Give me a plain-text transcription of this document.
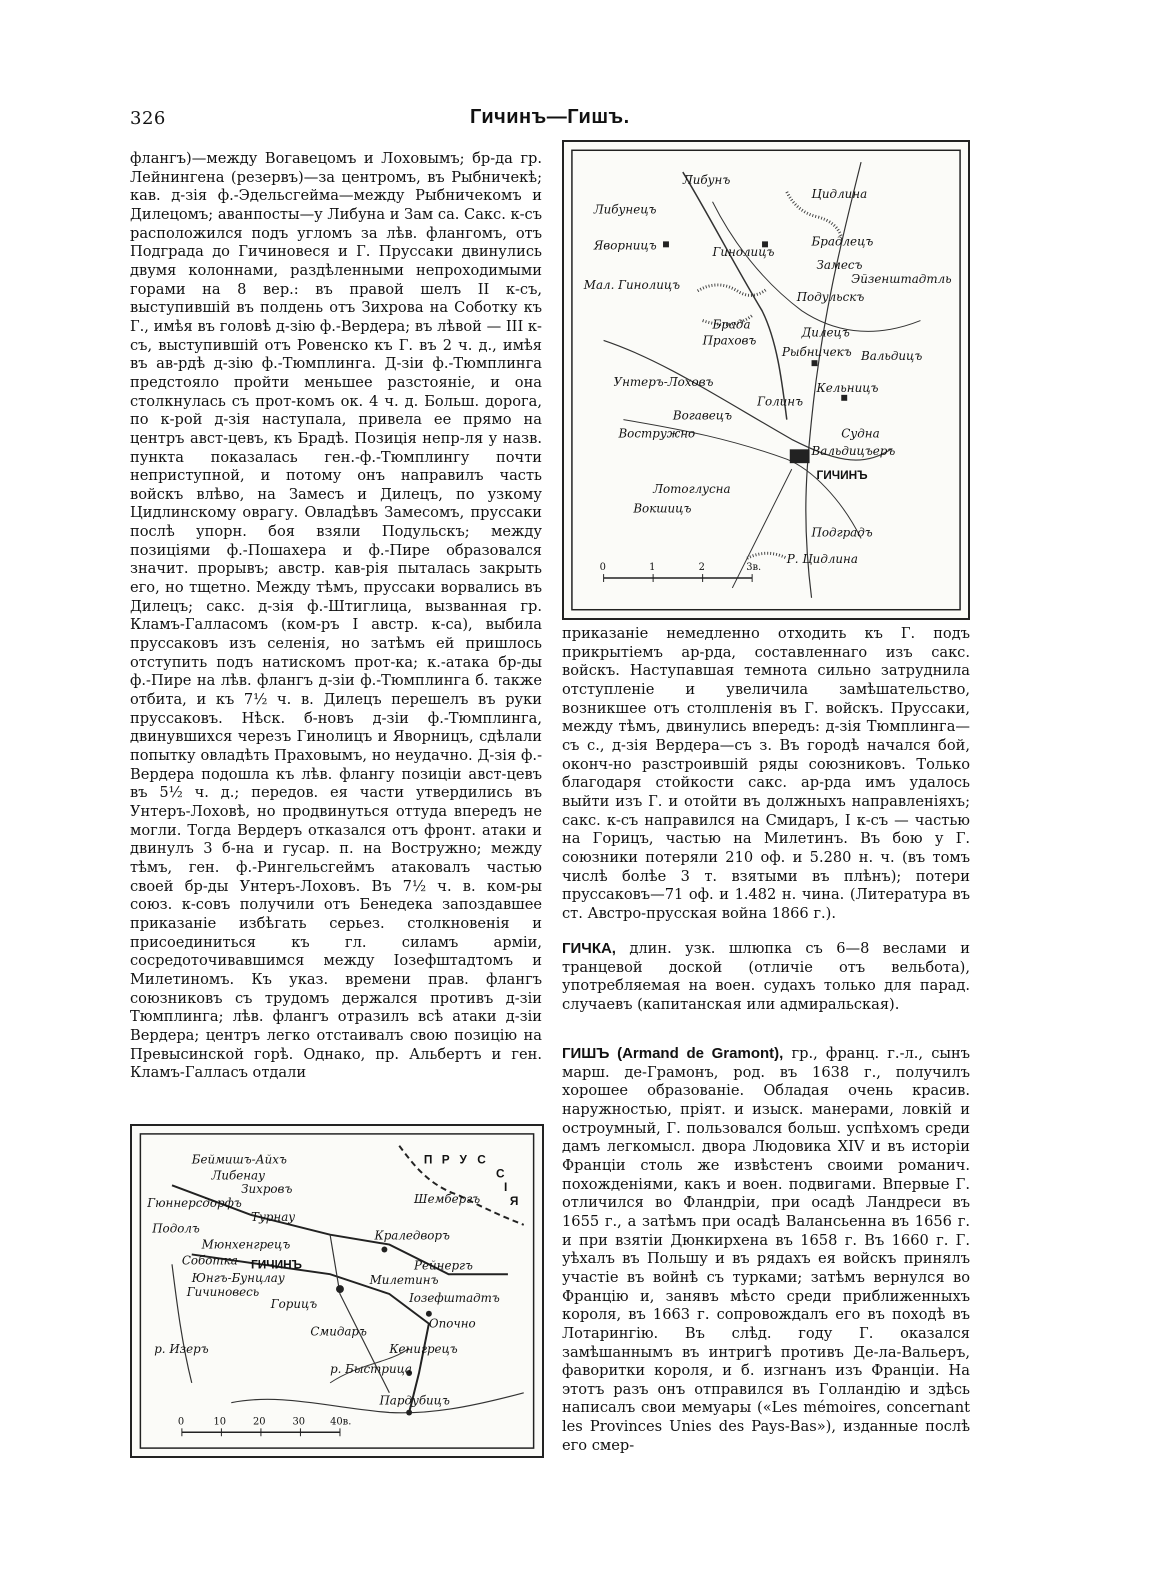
326	Гичинъ—Гишъ.

флангъ)—между Вогавецомъ и Лоховымъ; бр-да гр. Лейнингена (резервъ)—за центромъ, въ Рыбничекѣ; кав. д-зія ф.-Эдельсгейма—между Рыбничекомъ и Дилецомъ; аванпосты—у Либуна и Зам са. Сакс. к-съ расположился подъ угломъ за лѣв. флангомъ, отъ Подграда до Гичиновеся и Г. Пруссаки двинулись двумя колоннами, раздѣленными непроходимыми горами на 8 вер.: въ правой шелъ II к-съ, выступившій въ полдень отъ Зихрова на Соботку къ Г., имѣя въ головѣ д-зію ф.-Вердера; въ лѣвой — III к-съ, выступившій отъ Ровенско къ Г. въ 2 ч. д., имѣя въ ав-рдѣ д-зію ф.-Тюмплинга. Д-зіи ф.-Тюмплинга предстояло пройти меньшее разстояніе, и она столкнулась съ прот-комъ ок. 4 ч. д. Больш. дорога, по к-рой д-зія наступала, привела ее прямо на центръ авст-цевъ, къ Брадѣ. Позиція непр-ля у назв. пункта показалась ген.-ф.-Тюмплингу почти неприступной, и потому онъ направилъ часть войскъ влѣво, на Замесъ и Дилецъ, по узкому Цидлинскому оврагу. Овладѣвъ Замесомъ, пруссаки послѣ упорн. боя взяли Подульскъ; между позиціями ф.-Пошахера и ф.-Пире образовался значит. прорывъ; австр. кав-рія пыталась закрыть его, но тщетно. Между тѣмъ, пруссаки ворвались въ Дилецъ; сакс. д-зія ф.-Штиглица, вызванная гр. Кламъ-Галласомъ (ком-ръ I австр. к-са), выбила пруссаковъ изъ селенія, но затѣмъ ей пришлось отступить подъ натискомъ прот-ка; к.-атака бр-ды ф.-Пире на лѣв. флангъ д-зіи ф.-Тюмплинга б. также отбита, и къ 7½ ч. в. Дилецъ перешелъ въ руки пруссаковъ. Нѣск. б-новъ д-зіи ф.-Тюмплинга, двинувшихся черезъ Гинолицъ и Яворницъ, сдѣлали попытку овладѣть Праховымъ, но неудачно. Д-зія ф.-Вердера подошла къ лѣв. флангу позиціи авст-цевъ въ 5½ ч. д.; передов. ея части утвердились въ Унтеръ-Лоховѣ, но продвинуться оттуда впередъ не могли. Тогда Вердеръ отказался отъ фронт. атаки и двинулъ 3 б-на и гусар. п. на Востружно; между тѣмъ, ген. ф.-Рингельсгеймъ атаковалъ частью своей бр-ды Унтеръ-Лоховъ. Въ 7½ ч. в. ком-ры союз. к-совъ получили отъ Бенедека запоздавшее приказаніе избѣгать серьез. столкновенія и присоединиться къ гл. силамъ арміи, сосредоточивавшимся между Іозефштадтомъ и Милетиномъ. Къ указ. времени прав. флангъ союзниковъ съ трудомъ держался противъ д-зіи Тюмплинга; лѣв. флангъ отразилъ всѣ атаки д-зіи Вердера; центръ легко отстаивалъ свою позицію на Превысинской горѣ. Однако, пр. Альбертъ и ген. Кламъ-Галласъ отдали

Либунъ
Либунецъ
Цидлина
Яворницъ	Гинолицъ
Брадлецъ
Замесъ
Эйзенштадтль
Мал. Гинолицъ
Подульскъ
Брада
Праховъ
Дилецъ
Рыбничекъ Вальдицъ
Унтеръ-Лоховъ	Кельницъ
Голинъ
Вогавецъ
Востружно	Судна
Вальдицъеръ
ГИЧИНЪ
Лотоглусна
Вокшицъ
Подградъ
Р. Цидлина
0	1	2	3в.

приказаніе немедленно отходить къ Г. подъ прикрытіемъ ар-рда, составленнаго изъ сакс. войскъ. Наступавшая темнота сильно затруднила отступленіе и увеличила замѣшательство, возникшее отъ столпленія въ Г. войскъ. Пруссаки, между тѣмъ, двинулись впередъ: д-зія Тюмплинга—съ с., д-зія Вердера—съ з. Въ городѣ начался бой, оконч-но разстроившій ряды союзниковъ. Только благодаря стойкости сакс. ар-рда имъ удалось выйти изъ Г. и отойти въ должныхъ направленіяхъ; сакс. к-съ направился на Смидаръ, I к-съ — частью на Горицъ, частью на Милетинъ. Въ бою у Г. союзники потеряли 210 оф. и 5.280 н. ч. (въ томъ числѣ болѣе 3 т. взятыми въ плѣнъ); потери пруссаковъ—71 оф. и 1.482 н. чина. (Литература въ ст. Австро-прусская война 1866 г.).

ГИЧКА, длин. узк. шлюпка съ 6—8 веслами и транцевой доской (отличіе отъ вельбота), употребляемая на воен. судахъ только для парад. случаевъ (капитанская или адмиральская).
ГИШЪ (Armand de Gramont), гр., франц. г.-л., сынъ марш. де-Грамонъ, род. въ 1638 г., получилъ хорошее образованіе. Обладая очень красив. наружностью, пріят. и изыск. манерами, ловкій и остроумный, Г. пользовался больш. успѣхомъ среди дамъ легкомысл. двора Людовика XIV и въ исторіи Франціи столь же извѣстенъ своими романич. похожденіями, какъ и воен. подвигами. Впервые Г. отличился во Фландріи, при осадѣ Ландреси въ 1655 г., а затѣмъ при осадѣ Валансьенна въ 1656 г. и при взятіи Дюнкирхена въ 1658 г. Въ 1660 г. Г. уѣхалъ въ Польшу и въ рядахъ ея войскъ принялъ участіе въ войнѣ съ турками; затѣмъ вернулся во Францію и, занявъ мѣсто среди приближенныхъ короля, въ 1663 г. сопровождалъ его въ походѣ въ Лотарингію. Въ слѣд. году Г. оказался замѣшаннымъ въ интригѣ противъ Де-ла-Вальеръ, фаворитки короля, и б. изгнанъ изъ Франціи. На этотъ разъ онъ отправился въ Голландію и здѣсь написалъ свои мемуары («Les mémoires, concernant les Provinces Unies des Pays-Bas»), изданные послѣ его смер-
П Р У С
С
І
Я
Беймишъ-Айхъ
Либенау
Зихровъ
Гюннерсдорфъ
Турнау
Подолъ
Мюнхенгрецъ
Соботка ГИЧИНЪ
Юнгъ-Бунцлау
Гичиновесь
Горицъ
Смидаръ
Краледворъ
Рейнергъ
Милетинъ
Іозефштадтъ
Опочно
Кенигрецъ
р. Быстрица
р. Изеръ
Пардубицъ
Шембергъ
0	10	20	30 40в.
